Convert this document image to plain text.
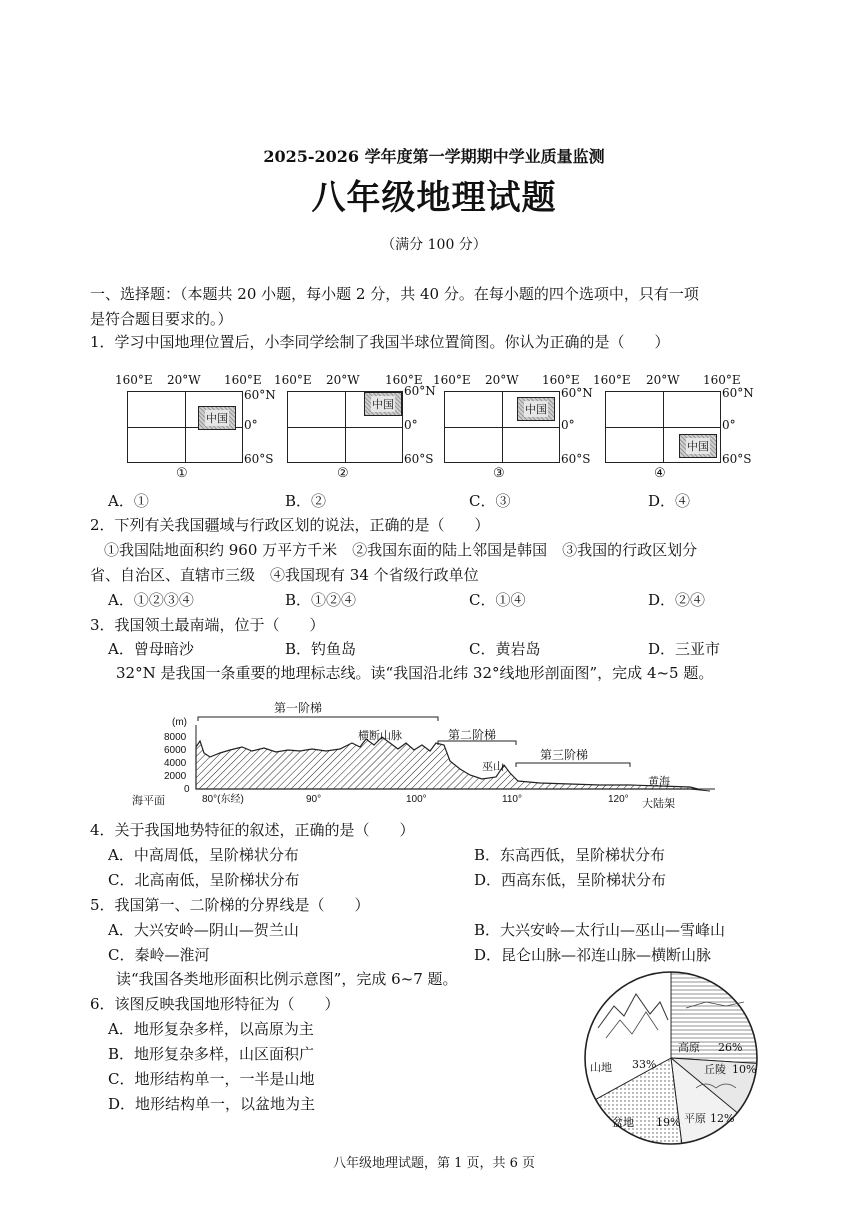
2025-2026 学年度第一学期期中学业质量监测
八年级地理试题
（满分 100 分）
一、选择题：（本题共 20 小题，每小题 2 分，共 40 分。在每小题的四个选项中，只有一项
是符合题目要求的。）
1．学习中国地理位置后，小李同学绘制了我国半球位置简图。你认为正确的是（　　）
160°E 20°W 160°E
中国
60°N
0°
60°S
①
160°E 20°W 160°E
中国
60°N
0°
60°S
②
160°E 20°W 160°E
中国
60°N
0°
60°S
③
160°E 20°W 160°E
中国
60°N
0°
60°S
④
A．①	B．②	C．③	D．④
2．下列有关我国疆域与行政区划的说法，正确的是（　　）
①我国陆地面积约 960 万平方千米　②我国东面的陆上邻国是韩国　③我国的行政区划分
省、自治区、直辖市三级　④我国现有 34 个省级行政单位
A．①②③④	B．①②④	C．①④	D．②④
3．我国领土最南端，位于（　　）
A．曾母暗沙	B．钓鱼岛	C．黄岩岛	D．三亚市
32°N 是我国一条重要的地理标志线。读“我国沿北纬 32°线地形剖面图”，完成 4~5 题。
(m)
8000
6000
4000
2000
0
第一阶梯
第二阶梯
第三阶梯
横断山脉
巫山
黄海
大陆架
海平面	80°(东经)	90°	100°	110°	120°
4．关于我国地势特征的叙述，正确的是（　　）
A．中高周低，呈阶梯状分布	B．东高西低，呈阶梯状分布
C．北高南低，呈阶梯状分布	D．西高东低，呈阶梯状分布
5．我国第一、二阶梯的分界线是（　　）
A．大兴安岭—阴山—贺兰山	B．大兴安岭—太行山—巫山—雪峰山
C．秦岭—淮河	D．昆仑山脉—祁连山脉—横断山脉
读“我国各类地形面积比例示意图”，完成 6~7 题。
6．该图反映我国地形特征为（　　）
A．地形复杂多样，以高原为主
B．地形复杂多样，山区面积广
C．地形结构单一，一半是山地
D．地形结构单一，以盆地为主
高原 26%
山地 33%	丘陵 10%
盆地 19% 平原 12%
八年级地理试题，第 1 页，共 6 页
